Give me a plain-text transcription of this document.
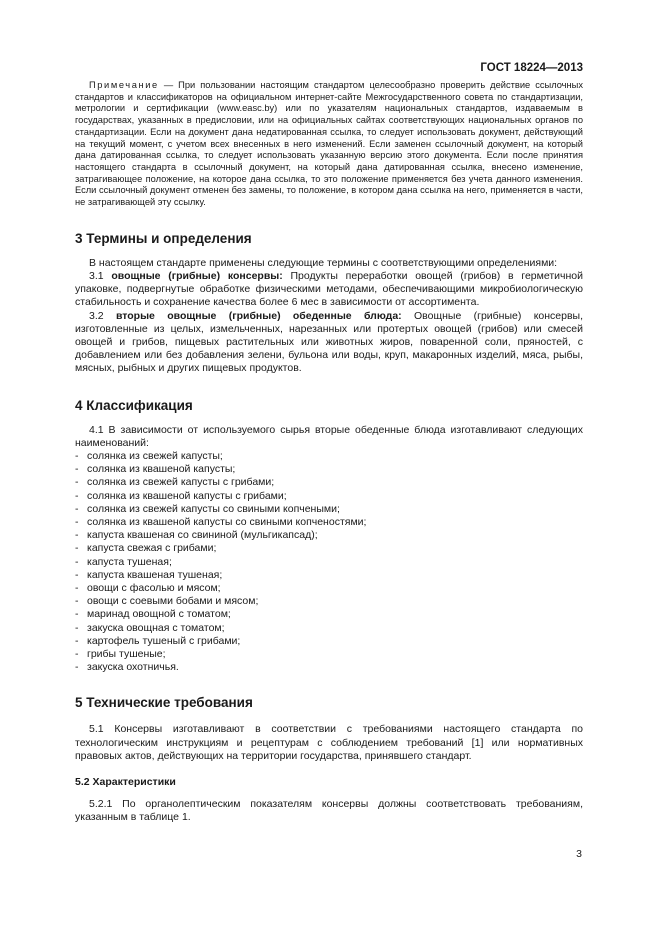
ГОСТ 18224—2013

Примечание — При пользовании настоящим стандартом целесообразно проверить действие ссылочных стандартов и классификаторов на официальном интернет-сайте Межгосударственного совета по стандартизации, метрологии и сертификации (www.easc.by) или по указателям национальных стандартов, издаваемым в государствах, указанных в предисловии, или на официальных сайтах соответствующих национальных органов по стандартизации. Если на документ дана недатированная ссылка, то следует использовать документ, действующий на текущий момент, с учетом всех внесенных в него изменений. Если заменен ссылочный документ, на который дана датированная ссылка, то следует использовать указанную версию этого документа. Если после принятия настоящего стандарта в ссылочный документ, на который дана датированная ссылка, внесено изменение, затрагивающее положение, на которое дана ссылка, то это положение применяется без учета данного изменения. Если ссылочный документ отменен без замены, то положение, в котором дана ссылка на него, применяется в части, не затрагивающей эту ссылку.

3 Термины и определения

В настоящем стандарте применены следующие термины с соответствующими определениями:

3.1 овощные (грибные) консервы: Продукты переработки овощей (грибов) в герметичной упаковке, подвергнутые обработке физическими методами, обеспечивающими микробиологическую стабильность и сохранение качества более 6 мес в зависимости от ассортимента.

3.2 вторые овощные (грибные) обеденные блюда: Овощные (грибные) консервы, изготовленные из целых, измельченных, нарезанных или протертых овощей (грибов) или смесей овощей и грибов, пищевых растительных или животных жиров, поваренной соли, пряностей, с добавлением или без добавления зелени, бульона или воды, круп, макаронных изделий, мяса, рыбы, мясных, рыбных и других пищевых продуктов.

4 Классификация

4.1 В зависимости от используемого сырья вторые обеденные блюда изготавливают следующих наименований:

- солянка из свежей капусты;
- солянка из квашеной капусты;
- солянка из свежей капусты с грибами;
- солянка из квашеной капусты с грибами;
- солянка из свежей капусты со свиными копчеными;
- солянка из квашеной капусты со свиными копченостями;
- капуста квашеная со свининой (мульгикапсад);
- капуста свежая с грибами;
- капуста тушеная;
- капуста квашеная тушеная;
- овощи с фасолью и мясом;
- овощи с соевыми бобами и мясом;
- маринад овощной с томатом;
- закуска овощная с томатом;
- картофель тушеный с грибами;
- грибы тушеные;
- закуска охотничья.
5 Технические требования

5.1 Консервы изготавливают в соответствии с требованиями настоящего стандарта по технологическим инструкциям и рецептурам с соблюдением требований [1] или нормативных правовых актов, действующих на территории государства, принявшего стандарт.

5.2 Характеристики

5.2.1 По органолептическим показателям консервы должны соответствовать требованиям, указанным в таблице 1.

3
